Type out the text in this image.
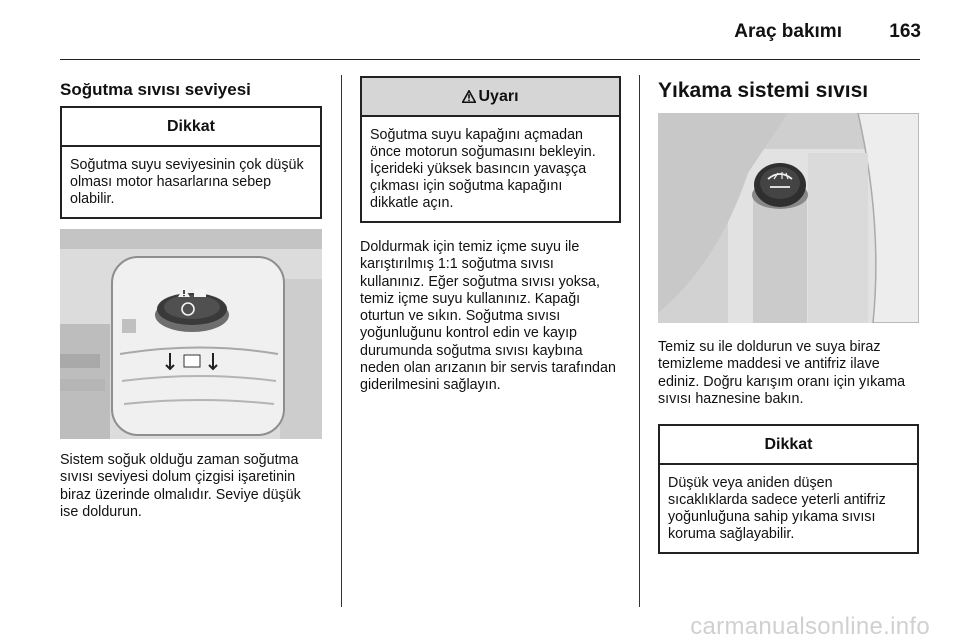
Araç bakımı 163
Soğutma sıvısı seviyesi
Dikkat
Soğutma suyu seviyesinin çok düşük olması motor hasarlarına sebep olabilir.
Sistem soğuk olduğu zaman soğutma sıvısı seviyesi dolum çizgisi işaretinin biraz üzerinde olmalıdır. Seviye düşük ise doldurun.
Uyarı
Soğutma suyu kapağını açmadan önce motorun soğumasını bekleyin. İçerideki yüksek basıncın yavaşça çıkması için soğutma kapağını dikkatle açın.
Doldurmak için temiz içme suyu ile karıştırılmış 1:1 soğutma sıvısı kullanınız. Eğer soğutma sıvısı yoksa, temiz içme suyu kullanınız. Kapağı oturtun ve sıkın. Soğutma sıvısı yoğunluğunu kontrol edin ve kayıp durumunda soğutma sıvısı kaybına neden olan arızanın bir servis tarafından giderilmesini sağlayın.
Yıkama sistemi sıvısı
Temiz su ile doldurun ve suya biraz temizleme maddesi ve antifriz ilave ediniz. Doğru karışım oranı için yıkama sıvısı haznesine bakın.
Dikkat
Düşük veya aniden düşen sıcaklıklarda sadece yeterli antifriz yoğunluğuna sahip yıkama sıvısı koruma sağlayabilir.
carmanualsonline.info
